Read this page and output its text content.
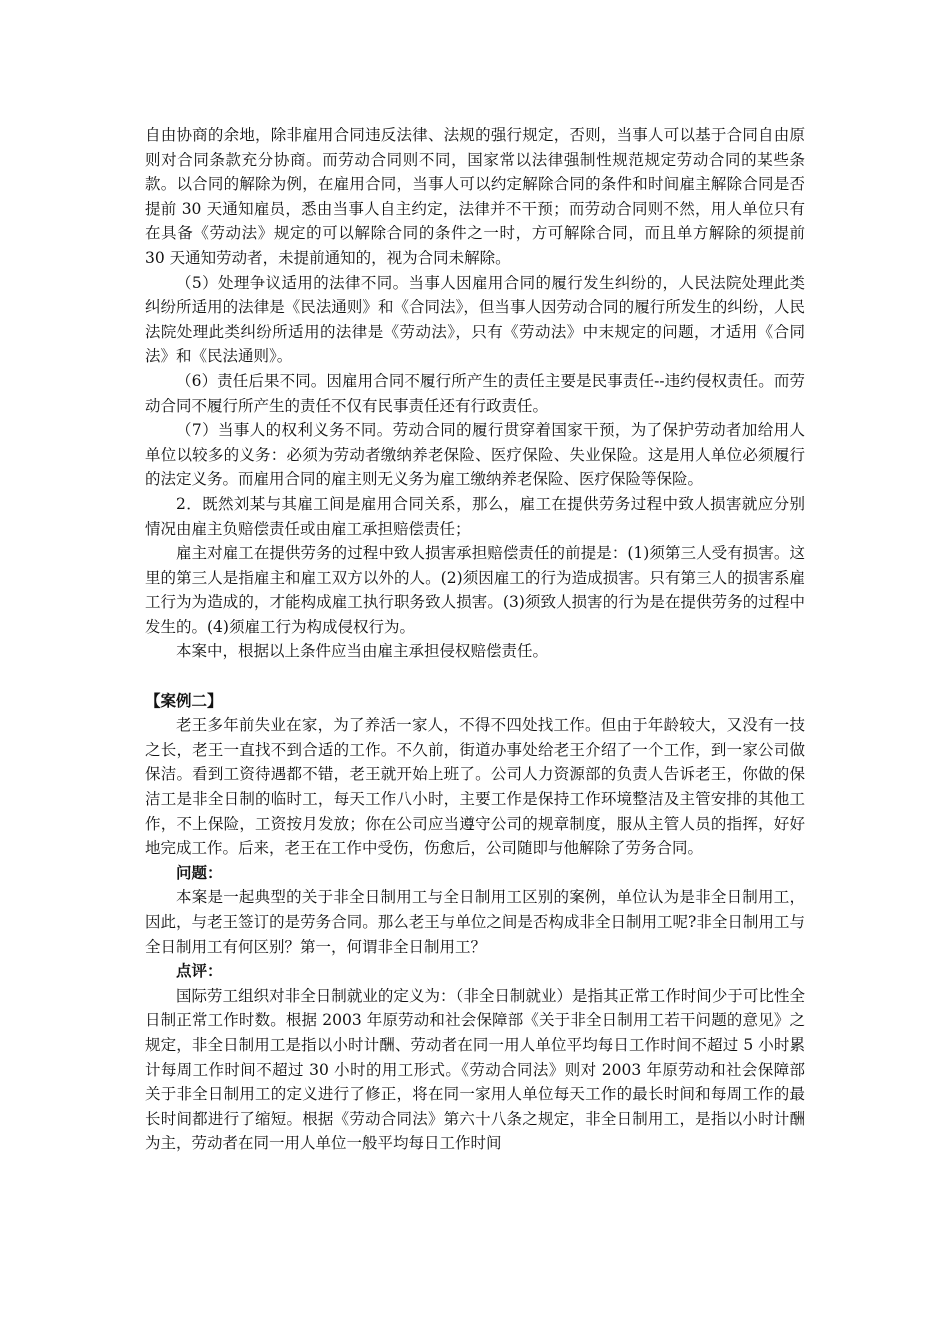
自由协商的余地，除非雇用合同违反法律、法规的强行规定，否则，当事人可以基于合同自由原则对合同条款充分协商。而劳动合同则不同，国家常以法律强制性规范规定劳动合同的某些条款。以合同的解除为例，在雇用合同，当事人可以约定解除合同的条件和时间雇主解除合同是否提前 30 天通知雇员，悉由当事人自主约定，法律并不干预；而劳动合同则不然，用人单位只有在具备《劳动法》规定的可以解除合同的条件之一时，方可解除合同，而且单方解除的须提前 30 天通知劳动者，未提前通知的，视为合同未解除。

（5）处理争议适用的法律不同。当事人因雇用合同的履行发生纠纷的，人民法院处理此类纠纷所适用的法律是《民法通则》和《合同法》，但当事人因劳动合同的履行所发生的纠纷，人民法院处理此类纠纷所适用的法律是《劳动法》，只有《劳动法》中末规定的问题，才适用《合同法》和《民法通则》。

（6）责任后果不同。因雇用合同不履行所产生的责任主要是民事责任--违约侵权责任。而劳动合同不履行所产生的责任不仅有民事责任还有行政责任。

（7）当事人的权利义务不同。劳动合同的履行贯穿着国家干预，为了保护劳动者加给用人单位以较多的义务：必须为劳动者缴纳养老保险、医疗保险、失业保险。这是用人单位必须履行的法定义务。而雇用合同的雇主则无义务为雇工缴纳养老保险、医疗保险等保险。

2．既然刘某与其雇工间是雇用合同关系，那么，雇工在提供劳务过程中致人损害就应分别情况由雇主负赔偿责任或由雇工承担赔偿责任；

雇主对雇工在提供劳务的过程中致人损害承担赔偿责任的前提是：(1)须第三人受有损害。这里的第三人是指雇主和雇工双方以外的人。(2)须因雇工的行为造成损害。只有第三人的损害系雇工行为为造成的，才能构成雇工执行职务致人损害。(3)须致人损害的行为是在提供劳务的过程中发生的。(4)须雇工行为构成侵权行为。

本案中，根据以上条件应当由雇主承担侵权赔偿责任。

【案例二】

老王多年前失业在家，为了养活一家人，不得不四处找工作。但由于年龄较大，又没有一技之长，老王一直找不到合适的工作。不久前，街道办事处给老王介绍了一个工作，到一家公司做保洁。看到工资待遇都不错，老王就开始上班了。公司人力资源部的负责人告诉老王，你做的保洁工是非全日制的临时工，每天工作八小时，主要工作是保持工作环境整洁及主管安排的其他工作，不上保险，工资按月发放；你在公司应当遵守公司的规章制度，服从主管人员的指挥，好好地完成工作。后来，老王在工作中受伤，伤愈后，公司随即与他解除了劳务合同。

问题：

本案是一起典型的关于非全日制用工与全日制用工区别的案例，单位认为是非全日制用工，因此，与老王签订的是劳务合同。那么老王与单位之间是否构成非全日制用工呢?非全日制用工与全日制用工有何区别？第一，何谓非全日制用工？

点评：

国际劳工组织对非全日制就业的定义为：（非全日制就业）是指其正常工作时间少于可比性全日制正常工作时数。根据 2003 年原劳动和社会保障部《关于非全日制用工若干问题的意见》之规定，非全日制用工是指以小时计酬、劳动者在同一用人单位平均每日工作时间不超过 5 小时累计每周工作时间不超过 30 小时的用工形式。《劳动合同法》则对 2003 年原劳动和社会保障部关于非全日制用工的定义进行了修正，将在同一家用人单位每天工作的最长时间和每周工作的最长时间都进行了缩短。根据《劳动合同法》第六十八条之规定，非全日制用工，是指以小时计酬为主，劳动者在同一用人单位一般平均每日工作时间
